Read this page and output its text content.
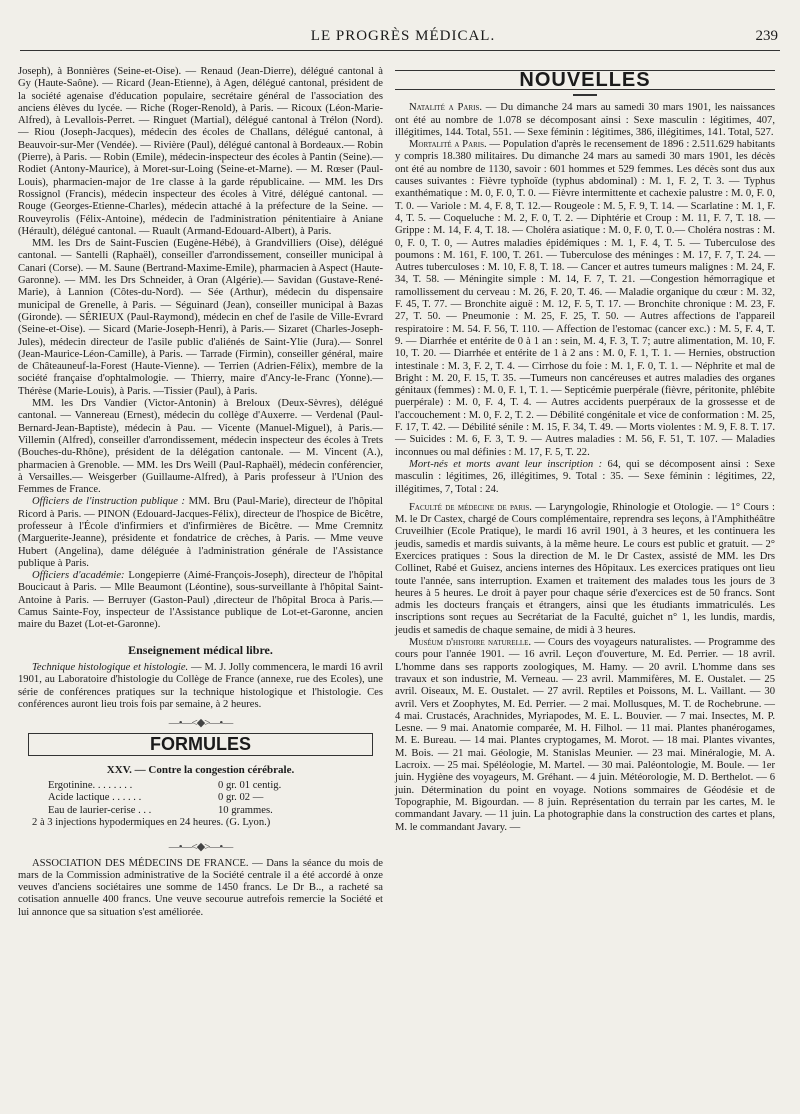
LE PROGRÈS MÉDICAL.	239

Joseph), à Bonnières (Seine-et-Oise). — Renaud (Jean-Dierre), délégué cantonal à Gy (Haute-Saône). — Ricard (Jean-Etienne), à Agen, délégué cantonal, président de la société agenaise d'éducation populaire, secrétaire général de l'association des anciens élèves du lycée. — Riche (Roger-Renold), à Paris. — Ricoux (Léon-Marie-Alfred), à Levallois-Perret. — Ringuet (Martial), délégué cantonal à Trélon (Nord). — Riou (Joseph-Jacques), médecin des écoles de Challans, délégué cantonal, à Beauvoir-sur-Mer (Vendée). — Rivière (Paul), délégué cantonal à Bordeaux.— Robin (Pierre), à Paris. — Robin (Emile), médecin-inspecteur des écoles à Pantin (Seine).— Rodiet (Antony-Maurice), à Moret-sur-Loing (Seine-et-Marne). — M. Rœser (Paul-Louis), pharmacien-major de 1re classe à la garde républicaine. — MM. les Drs Rossignol (Francis), médecin inspecteur des écoles à Vitré, délégué cantonal. — Rouge (Georges-Etienne-Charles), médecin attaché à la préfecture de la Seine. — Rouveyrolis (Félix-Antoine), médecin de l'administration pénitentiaire à Aniane (Hérault), délégué cantonal. — Ruault (Armand-Edouard-Albert), à Paris.

MM. les Drs de Saint-Fuscien (Eugène-Hébé), à Grandvilliers (Oise), délégué cantonal. — Santelli (Raphaël), conseiller d'arrondissement, conseiller municipal à Canari (Corse). — M. Saune (Bertrand-Maxime-Emile), pharmacien à Aspect (Haute-Garonne). — MM. les Drs Schneider, à Oran (Algérie).— Savidan (Gustave-René-Marie), à Lannion (Côtes-du-Nord). — Sée (Arthur), médecin du dispensaire municipal de Grenelle, à Paris. — Séguinard (Jean), conseiller municipal à Bazas (Gironde). — SÉRIEUX (Paul-Raymond), médecin en chef de l'asile de Ville-Evrard (Seine-et-Oise). — Sicard (Marie-Joseph-Henri), à Paris.— Sizaret (Charles-Joseph-Jules), médecin directeur de l'asile public d'aliénés de Saint-Ylie (Jura).— Sonrel (Jean-Maurice-Léon-Camille), à Paris. — Tarrade (Firmin), conseiller général, maire de Châteauneuf-la-Forest (Haute-Vienne). — Terrien (Adrien-Félix), membre de la société française d'ophtalmologie. — Thierry, maire d'Ancy-le-Franc (Yonne).— Thérèse (Marie-Louis), à Paris. —Tissier (Paul), à Paris.

MM. les Drs Vandier (Victor-Antonin) à Breloux (Deux-Sèvres), délégué cantonal. — Vannereau (Ernest), médecin du collège d'Auxerre. — Verdenal (Paul-Bernard-Jean-Baptiste), médecin à Pau. — Vicente (Manuel-Miguel), à Paris.— Villemin (Alfred), conseiller d'arrondissement, médecin inspecteur des écoles à Trets (Bouches-du-Rhône), président de la délégation cantonale. — M. Vincent (A.), pharmacien à Grenoble. — MM. les Drs Weill (Paul-Raphaël), médecin conférencier, à Versailles.— Weisgerber (Guillaume-Alfred), à Paris professeur à l'Union des Femmes de France.

Officiers de l'instruction publique : MM. Bru (Paul-Marie), directeur de l'hôpital Ricord à Paris. — PINON (Edouard-Jacques-Félix), directeur de l'hospice de Bicêtre, professeur à l'École d'infirmiers et d'infirmières de Bicêtre. — Mme Cremnitz (Marguerite-Jeanne), présidente et fondatrice de crèches, à Paris. — Mme veuve Hubert (Angelina), dame déléguée à l'administration générale de l'Assistance publique à Paris.

Officiers d'académie: Longepierre (Aimé-François-Joseph), directeur de l'hôpital Boucicaut à Paris. — Mlle Beaumont (Léontine), sous-surveillante à l'hôpital Saint-Antoine à Paris. — Berruyer (Gaston-Paul) ,directeur de l'hôpital Broca à Paris.— Camus Sainte-Foy, inspecteur de l'Assistance publique de Lot-et-Garonne, ancien maire du Bazet (Lot-et-Garonne).

Enseignement médical libre.

Technique histologique et histologie. — M. J. Jolly commencera, le mardi 16 avril 1901, au Laboratoire d'histologie du Collège de France (annexe, rue des Ecoles), une série de conférences pratiques sur la technique histologique et l'histologie. Ces conférences auront lieu trois fois par semaine, à 2 heures.

—•—<◆>—•—
FORMULES
XXV. — Contre la congestion cérébrale.
Ergotinine. . . . . . . .	0 gr. 01 centig.
Acide lactique . . . . . .	0 gr. 02 —
Eau de laurier-cerise . . .	10 grammes.

2 à 3 injections hypodermiques en 24 heures. (G. Lyon.)

—•—<◆>—•—

ASSOCIATION DES MÉDECINS DE FRANCE. — Dans la séance du mois de mars de la Commission administrative de la Société centrale il a été accordé à onze veuves d'anciens sociétaires une somme de 1450 francs. Le Dr B.., a racheté sa cotisation annuelle 400 francs. Une veuve secourue autrefois remercie la Société et lui annonce que sa situation s'est améliorée.

NOUVELLES

Natalité a Paris. — Du dimanche 24 mars au samedi 30 mars 1901, les naissances ont été au nombre de 1.078 se décomposant ainsi : Sexe masculin : légitimes, 407, illégitimes, 144. Total, 551. — Sexe féminin : légitimes, 386, illégitimes, 141. Total, 527.

Mortalité a Paris. — Population d'après le recensement de 1896 : 2.511.629 habitants y compris 18.380 militaires. Du dimanche 24 mars au samedi 30 mars 1901, les décès ont été au nombre de 1130, savoir : 601 hommes et 529 femmes. Les décès sont dus aux causes suivantes : Fièvre typhoïde (typhus abdominal) : M. 1, F. 2, T. 3. — Typhus exanthématique : M. 0, F. 0, T. 0. — Fièvre intermittente et cachexie palustre : M. 0, F. 0, T. 0. — Variole : M. 4, F. 8, T. 12.— Rougeole : M. 5, F. 9, T. 14. — Scarlatine : M. 1, F. 4, T. 5. — Coqueluche : M. 2, F. 0, T. 2. — Diphtérie et Croup : M. 11, F. 7, T. 18. — Grippe : M. 14, F. 4, T. 18. — Choléra asiatique : M. 0, F. 0, T. 0.— Choléra nostras : M. 0, F. 0, T. 0, — Autres maladies épidémiques : M. 1, F. 4, T. 5. — Tuberculose des poumons : M. 161, F. 100, T. 261. — Tuberculose des méninges : M. 17, F. 7, T. 24. — Autres tuberculoses : M. 10, F. 8, T. 18. — Cancer et autres tumeurs malignes : M. 24, F. 34, T. 58. — Méningite simple : M. 14, F. 7, T. 21. —Congestion hémorragique et ramollissement du cerveau : M. 26, F. 20, T. 46. — Maladie organique du cœur : M. 32, F. 45, T. 77. — Bronchite aiguë : M. 12, F. 5, T. 17. — Bronchite chronique : M. 23, F. 27, T. 50. — Pneumonie : M. 25, F. 25, T. 50. — Autres affections de l'appareil respiratoire : M. 54. F. 56, T. 110. — Affection de l'estomac (cancer exc.) : M. 5, F. 4, T. 9. — Diarrhée et entérite de 0 à 1 an : sein, M. 4, F. 3, T. 7; autre alimentation, M. 10, F. 10, T. 20. — Diarrhée et entérite de 1 à 2 ans : M. 0, F. 1, T. 1. — Hernies, obstruction intestinale : M. 3, F. 2, T. 4. — Cirrhose du foie : M. 1, F. 0, T. 1. — Néphrite et mal de Bright : M. 20, F. 15, T. 35. —Tumeurs non cancéreuses et autres maladies des organes génitaux (femmes) : M. 0, F. 1, T. 1. — Septicémie puerpérale (fièvre, péritonite, phlébite puerpérale) : M. 0, F. 4, T. 4. — Autres accidents puerpéraux de la grossesse et de l'accouchement : M. 0, F. 2, T. 2. — Débilité congénitale et vice de conformation : M. 25, F. 17, T. 42. — Débilité sénile : M. 15, F. 34, T. 49. — Morts violentes : M. 9, F. 8. T. 17. — Suicides : M. 6, F. 3, T. 9. — Autres maladies : M. 56, F. 51, T. 107. — Maladies inconnues ou mal définies : M. 17, F. 5, T. 22.

Mort-nés et morts avant leur inscription : 64, qui se décomposent ainsi : Sexe masculin : légitimes, 26, illégitimes, 9. Total : 35. — Sexe féminin : légitimes, 22, illégitimes, 7, Total : 24.

Faculté de médecine de paris. — Laryngologie, Rhinologie et Otologie. — 1° Cours : M. le Dr Castex, chargé de Cours complémentaire, reprendra ses leçons, à l'Amphithéâtre Cruveilhier (Ecole Pratique), le mardi 16 avril 1901, à 3 heures, et les continuera les jeudis, samedis et mardis suivants, à la même heure. Le cours est public et gratuit. — 2° Exercices pratiques : Sous la direction de M. le Dr Castex, assisté de MM. les Drs Collinet, Rabé et Guisez, anciens internes des Hôpitaux. Les exercices pratiques ont lieu toute l'année, sans interruption. Examen et traitement des malades tous les jours de 3 heures à 5 heures. Le droit à payer pour chaque série d'exercices est de 50 francs. Sont admis les docteurs français et étrangers, ainsi que les étudiants immatriculés. Les inscriptions sont reçues au Secrétariat de la Faculté, guichet n° 1, les lundis, mardis, jeudis et samedis de chaque semaine, de midi à 3 heures.

Muséum d'histoire naturelle. — Cours des voyageurs naturalistes. — Programme des cours pour l'année 1901. — 16 avril. Leçon d'ouverture, M. Ed. Perrier. — 18 avril. L'homme dans ses rapports zoologiques, M. Hamy. — 20 avril. L'homme dans ses travaux et son industrie, M. Verneau. — 23 avril. Mammifères, M. E. Oustalet. — 25 avril. Oiseaux, M. E. Oustalet. — 27 avril. Reptiles et Poissons, M. L. Vaillant. — 30 avril. Vers et Zoophytes, M. Ed. Perrier. — 2 mai. Mollusques, M. T. de Rochebrune. — 4 mai. Crustacés, Arachnides, Myriapodes, M. E. L. Bouvier. — 7 mai. Insectes, M. P. Lesne. — 9 mai. Anatomie comparée, M. H. Filhol. — 11 mai. Plantes phanérogames, M. E. Bureau. — 14 mai. Plantes cryptogames, M. Morot. — 18 mai. Plantes vivantes, M. Bois. — 21 mai. Géologie, M. Stanislas Meunier. — 23 mai. Minéralogie, M. A. Lacroix. — 25 mai. Spéléologie, M. Martel. — 30 mai. Paléontologie, M. Boule. — 1er juin. Hygiène des voyageurs, M. Gréhant. — 4 juin. Météorologie, M. D. Berthelot. — 6 juin. Détermination du point en voyage. Notions sommaires de Géodésie et de Topographie, M. Bigourdan. — 8 juin. Représentation du terrain par les cartes, M. le commandant Javary. — 11 juin. La photographie dans la construction des cartes et plans, M. le commandant Javary. —
